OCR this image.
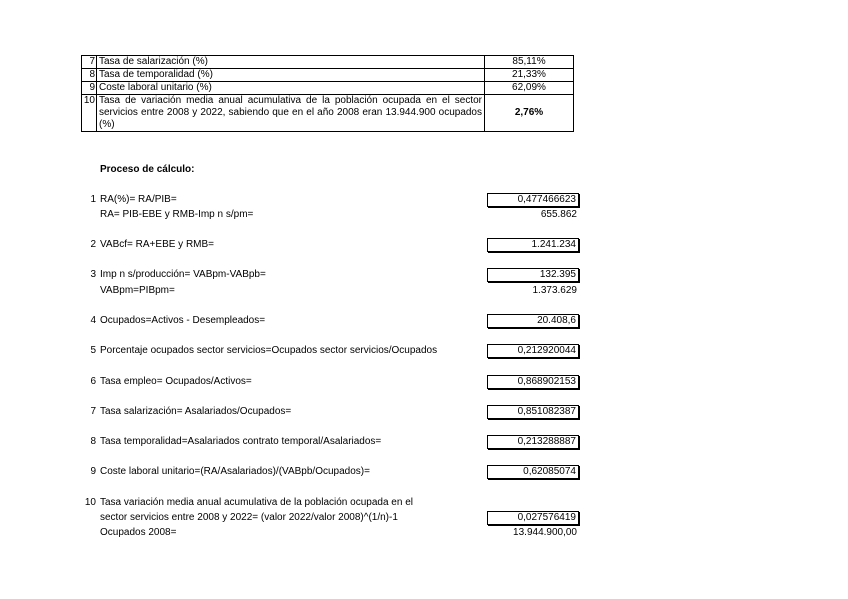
7	Tasa de salarización (%)	85,11%
8	Tasa de temporalidad (%)	21,33%
9	Coste laboral unitario (%)	62,09%
10	Tasa de variación media anual acumulativa de la población ocupada en el sector servicios entre 2008 y 2022, sabiendo que en el año 2008 eran 13.944.900 ocupados (%)	2,76%
Proceso de cálculo:
1 RA(%)= RA/PIB=	0,477466623
RA= PIB-EBE y RMB-Imp n s/pm=	655.862
2 VABcf= RA+EBE y RMB=	1.241.234
3 Imp n s/producción= VABpm-VABpb=	132.395
VABpm=PIBpm=	1.373.629
4 Ocupados=Activos - Desempleados=	20.408,6
5 Porcentaje ocupados sector servicios=Ocupados sector servicios/Ocupados	0,212920044
6 Tasa empleo= Ocupados/Activos=	0,868902153
7 Tasa salarización= Asalariados/Ocupados=	0,851082387
8 Tasa temporalidad=Asalariados contrato temporal/Asalariados=	0,213288887
9 Coste laboral unitario=(RA/Asalariados)/(VABpb/Ocupados)=	0,62085074
10 Tasa variación media anual acumulativa de la población ocupada en el
sector servicios entre 2008 y 2022= (valor 2022/valor 2008)^(1/n)-1	0,027576419
Ocupados 2008=	13.944.900,00
